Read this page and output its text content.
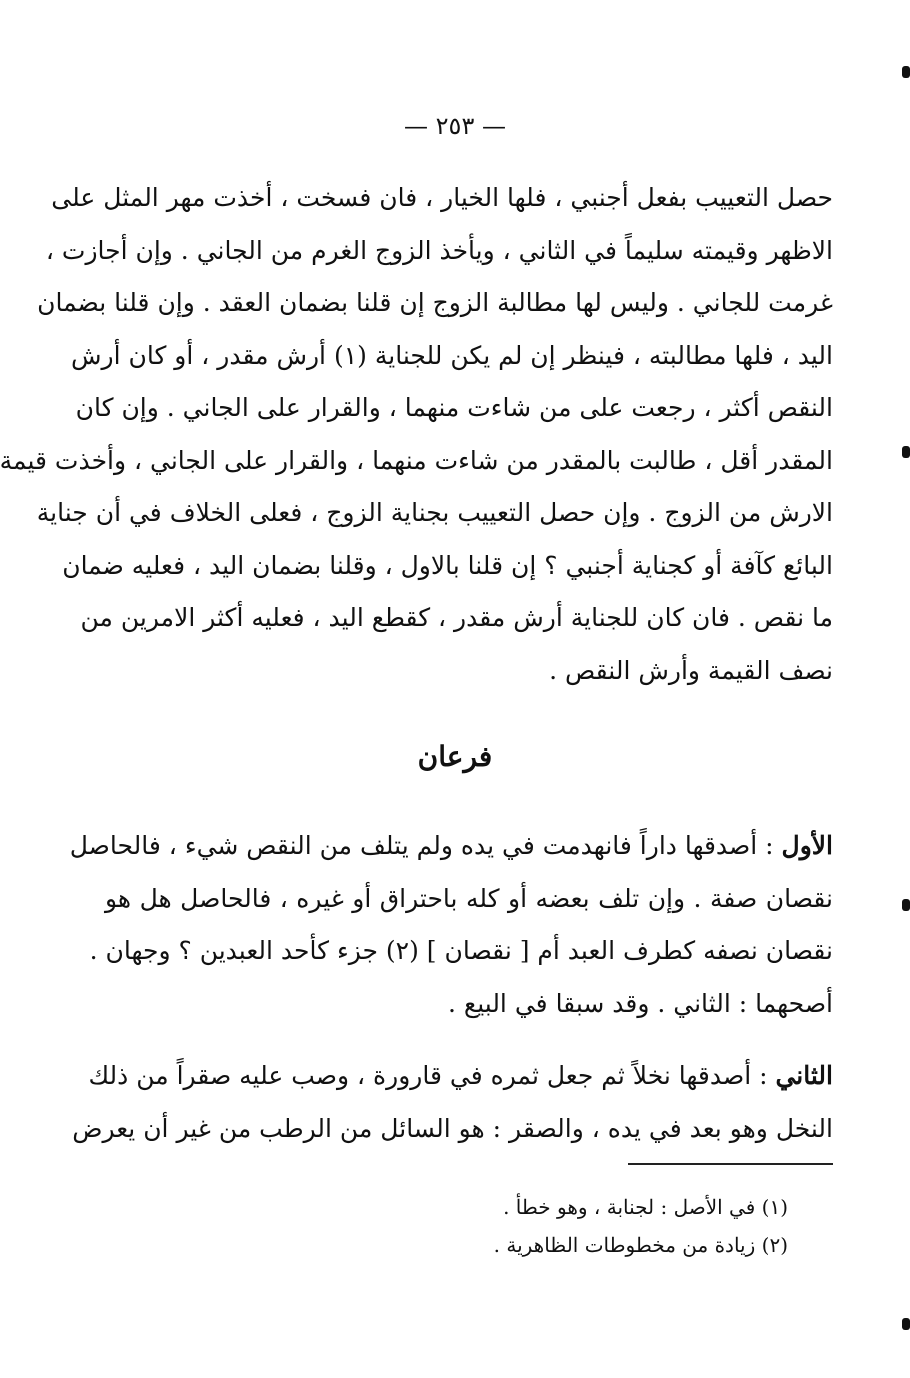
— ٢٥٣ —
حصل التعييب بفعل أجنبي ، فلها الخيار ، فان فسخت ، أخذت مهر المثل على
الاظهر وقيمته سليماً في الثاني ، ويأخذ الزوج الغرم من الجاني . وإن أجازت ،
غرمت للجاني . وليس لها مطالبة الزوج إن قلنا بضمان العقد . وإن قلنا بضمان
اليد ، فلها مطالبته ، فينظر إن لم يكن للجناية (١) أرش مقدر ، أو كان أرش
النقص أكثر ، رجعت على من شاءت منهما ، والقرار على الجاني . وإن كان
المقدر أقل ، طالبت بالمقدر من شاءت منهما ، والقرار على الجاني ، وأخذت قيمة
الارش من الزوج . وإن حصل التعييب بجناية الزوج ، فعلى الخلاف في أن جناية
البائع كآفة أو كجناية أجنبي ؟ إن قلنا بالاول ، وقلنا بضمان اليد ، فعليه ضمان
ما نقص . فان كان للجناية أرش مقدر ، كقطع اليد ، فعليه أكثر الامرين من
نصف القيمة وأرش النقص .
فرعان
الأول : أصدقها داراً فانهدمت في يده ولم يتلف من النقص شيء ، فالحاصل
نقصان صفة . وإن تلف بعضه أو كله باحتراق أو غيره ، فالحاصل هل هو
نقصان نصفه كطرف العبد أم [ نقصان ] (٢) جزء كأحد العبدين ؟ وجهان .
أصحهما : الثاني . وقد سبقا في البيع .
الثاني : أصدقها نخلاً ثم جعل ثمره في قارورة ، وصب عليه صقراً من ذلك
النخل وهو بعد في يده ، والصقر : هو السائل من الرطب من غير أن يعرض
(١) في الأصل : لجنابة ، وهو خطأ .
(٢) زيادة من مخطوطات الظاهرية .
